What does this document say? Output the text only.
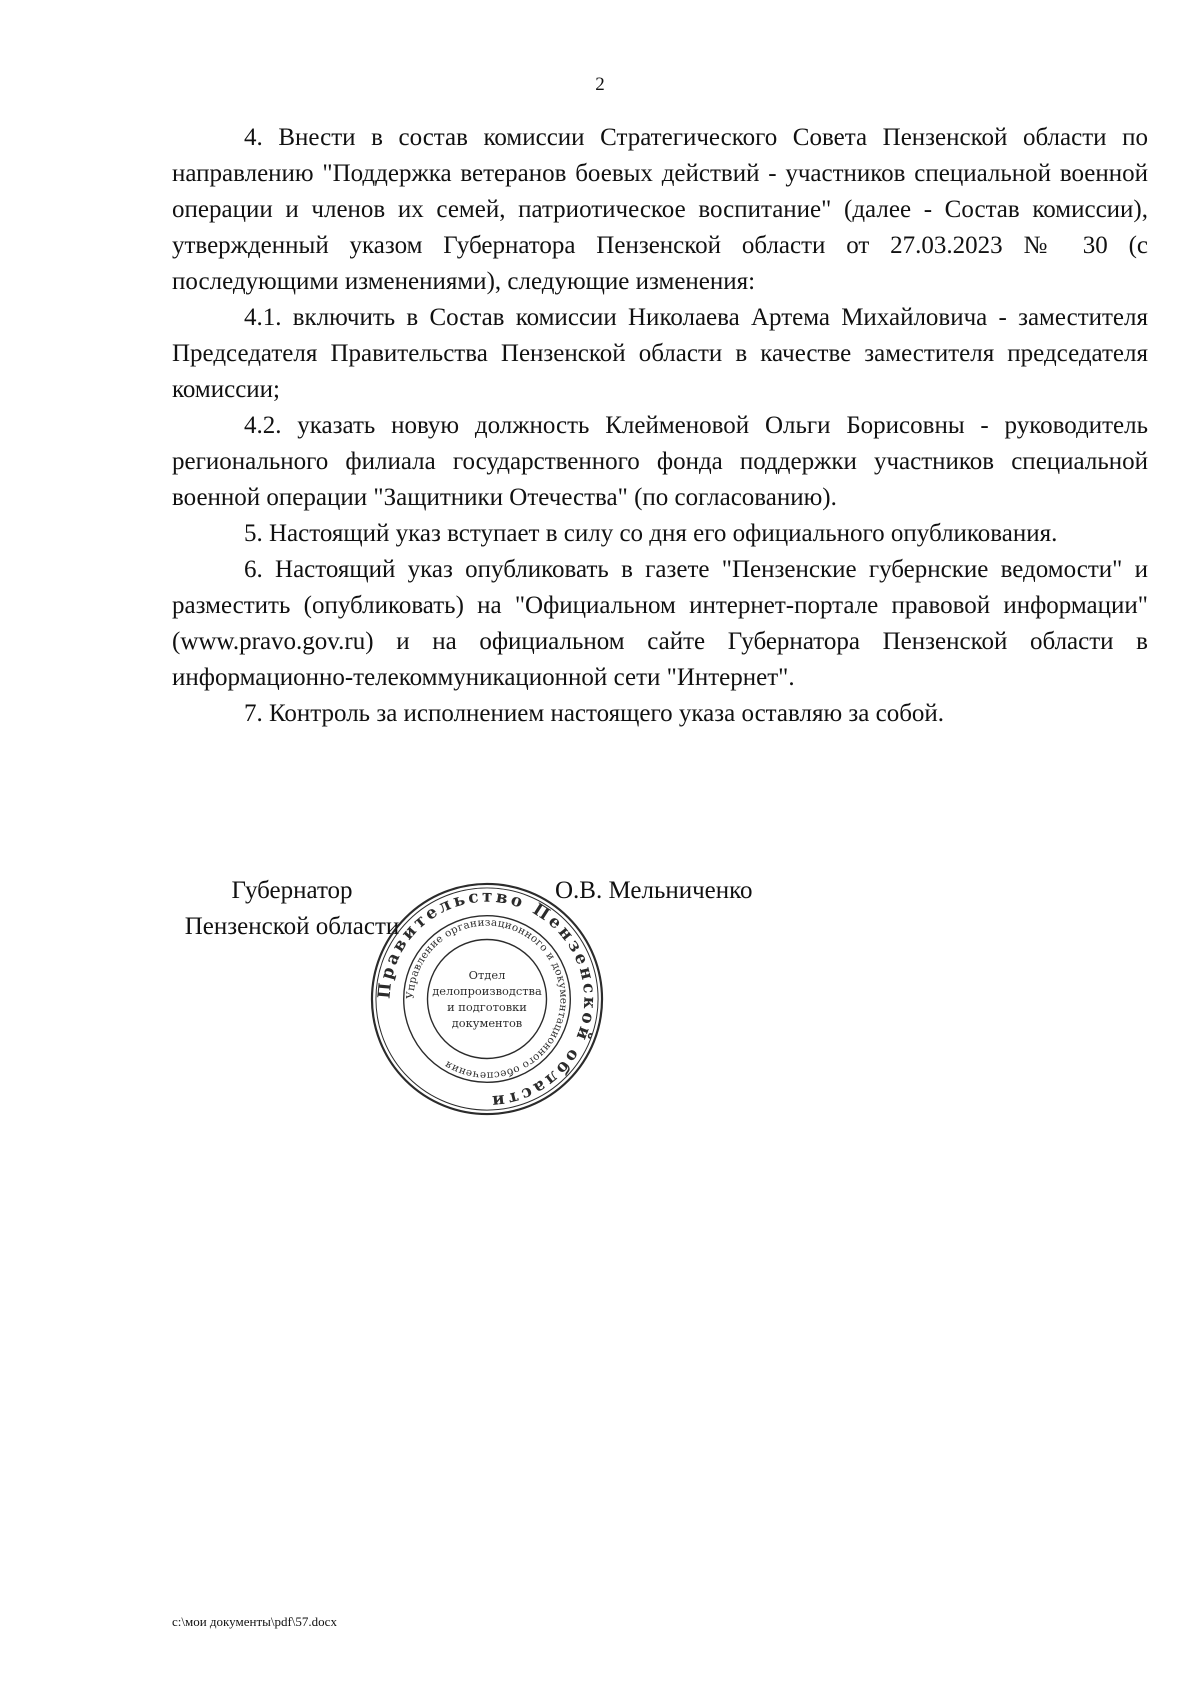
2

4. Внести в состав комиссии Стратегического Совета Пензенской области по направлению "Поддержка ветеранов боевых действий - участников специальной военной операции и членов их семей, патриотическое воспитание" (далее - Состав комиссии), утвержденный указом Губернатора Пензенской области от 27.03.2023 № 30 (с последующими изменениями), следующие изменения:

4.1. включить в Состав комиссии Николаева Артема Михайловича - заместителя Председателя Правительства Пензенской области в качестве заместителя председателя комиссии;

4.2. указать новую должность Клейменовой Ольги Борисовны - руководитель регионального филиала государственного фонда поддержки участников специальной военной операции "Защитники Отечества" (по согласованию).

5. Настоящий указ вступает в силу со дня его официального опубликования.

6. Настоящий указ опубликовать в газете "Пензенские губернские ведомости" и разместить (опубликовать) на "Официальном интернет-портале правовой информации" (www.pravo.gov.ru) и на официальном сайте Губернатора Пензенской области в информационно-телекоммуникационной сети "Интернет".

7. Контроль за исполнением настоящего указа оставляю за собой.

Губернатор
Пензенской области
Правительство Пензенской области
Управление организационного и документационного обеспечения
Отдел
делопроизводства
и подготовки
документов
О.В. Мельниченко
c:\мои документы\pdf\57.docx
